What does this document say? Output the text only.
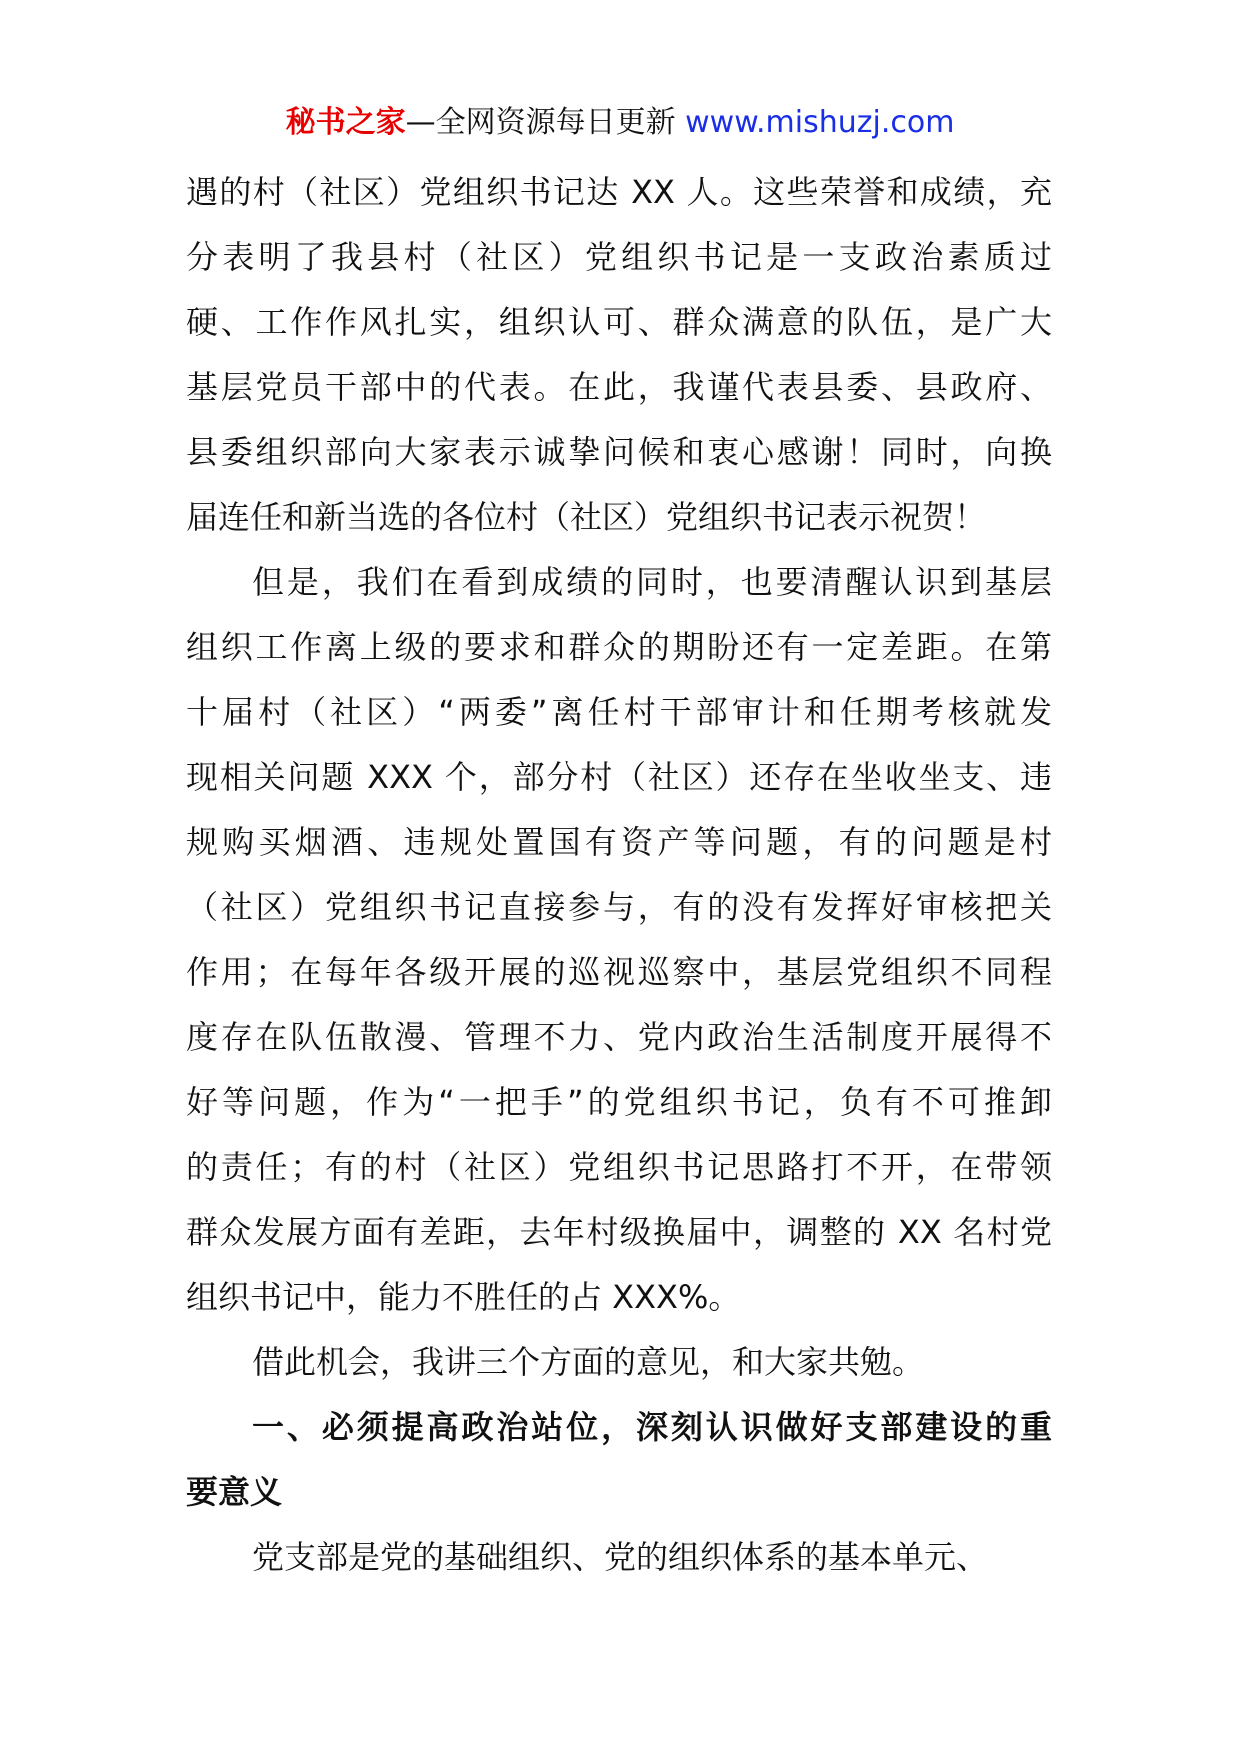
秘书之家—全网资源每日更新 www.mishuzj.com
遇的村（社区）党组织书记达 XX 人。这些荣誉和成绩，充
分表明了我县村（社区）党组织书记是一支政治素质过
硬、工作作风扎实，组织认可、群众满意的队伍，是广大
基层党员干部中的代表。在此，我谨代表县委、县政府、
县委组织部向大家表示诚挚问候和衷心感谢！同时，向换
届连任和新当选的各位村（社区）党组织书记表示祝贺！
但是，我们在看到成绩的同时，也要清醒认识到基层
组织工作离上级的要求和群众的期盼还有一定差距。在第
十届村（社区）“两委”离任村干部审计和任期考核就发
现相关问题 XXX 个，部分村（社区）还存在坐收坐支、违
规购买烟酒、违规处置国有资产等问题，有的问题是村
（社区）党组织书记直接参与，有的没有发挥好审核把关
作用；在每年各级开展的巡视巡察中，基层党组织不同程
度存在队伍散漫、管理不力、党内政治生活制度开展得不
好等问题，作为“一把手”的党组织书记，负有不可推卸
的责任；有的村（社区）党组织书记思路打不开，在带领
群众发展方面有差距，去年村级换届中，调整的 XX 名村党
组织书记中，能力不胜任的占 XXX%。
借此机会，我讲三个方面的意见，和大家共勉。
一、必须提高政治站位，深刻认识做好支部建设的重
要意义
党支部是党的基础组织、党的组织体系的基本单元、
